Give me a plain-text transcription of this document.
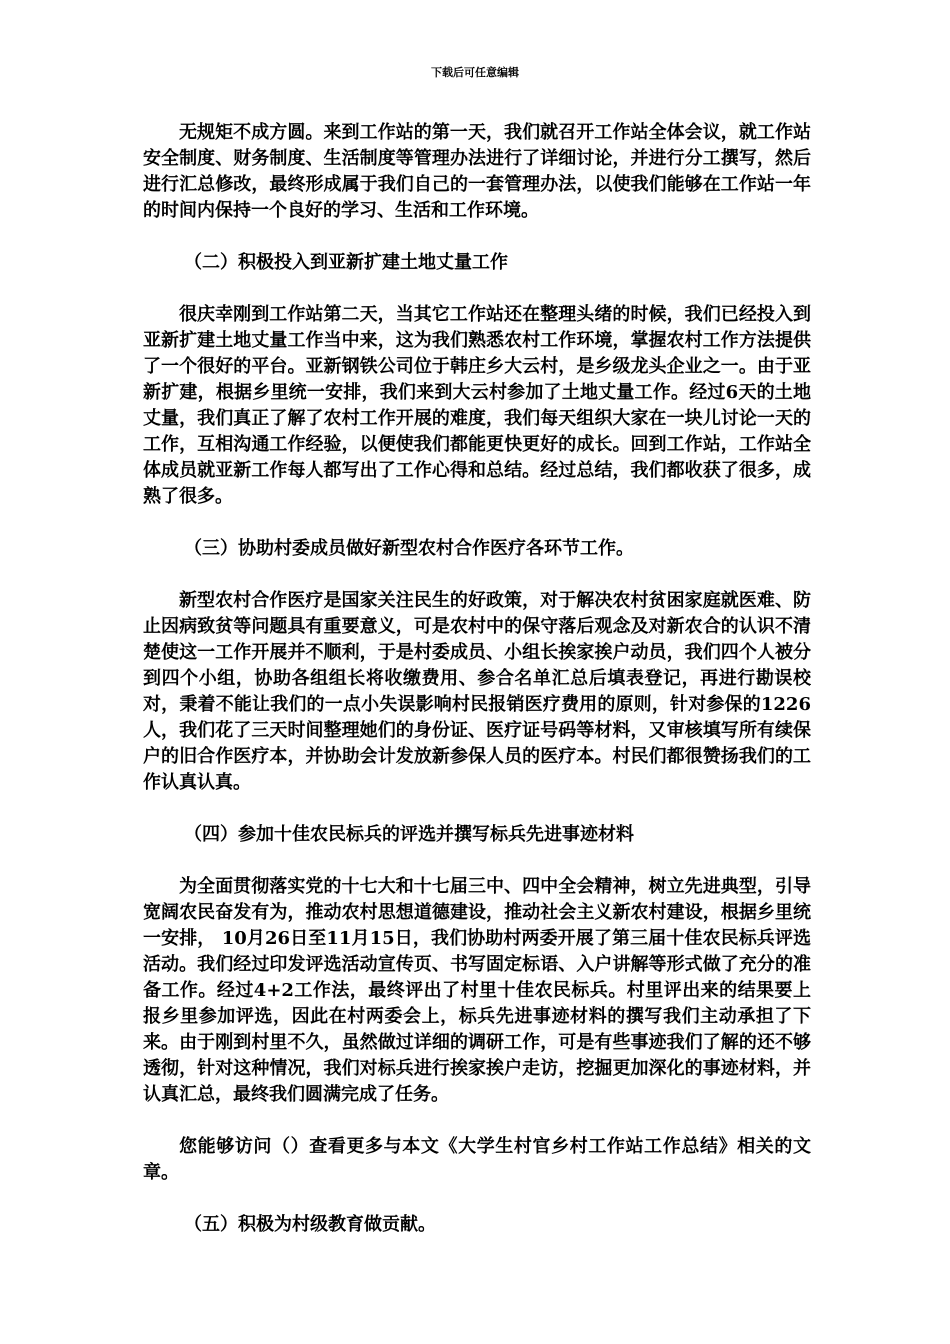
下载后可任意编辑

无规矩不成方圆。来到工作站的第一天，我们就召开工作站全体会议，就工作站安全制度、财务制度、生活制度等管理办法进行了详细讨论，并进行分工撰写，然后进行汇总修改，最终形成属于我们自己的一套管理办法，以使我们能够在工作站一年的时间内保持一个良好的学习、生活和工作环境。

（二）积极投入到亚新扩建土地丈量工作

很庆幸刚到工作站第二天，当其它工作站还在整理头绪的时候，我们已经投入到亚新扩建土地丈量工作当中来，这为我们熟悉农村工作环境，掌握农村工作方法提供了一个很好的平台。亚新钢铁公司位于韩庄乡大云村，是乡级龙头企业之一。由于亚新扩建，根据乡里统一安排，我们来到大云村参加了土地丈量工作。经过6天的土地丈量，我们真正了解了农村工作开展的难度，我们每天组织大家在一块儿讨论一天的工作，互相沟通工作经验，以便使我们都能更快更好的成长。回到工作站，工作站全体成员就亚新工作每人都写出了工作心得和总结。经过总结，我们都收获了很多，成熟了很多。

（三）协助村委成员做好新型农村合作医疗各环节工作。

新型农村合作医疗是国家关注民生的好政策，对于解决农村贫困家庭就医难、防止因病致贫等问题具有重要意义，可是农村中的保守落后观念及对新农合的认识不清楚使这一工作开展并不顺利，于是村委成员、小组长挨家挨户动员，我们四个人被分到四个小组，协助各组组长将收缴费用、参合名单汇总后填表登记，再进行勘误校对，秉着不能让我们的一点小失误影响村民报销医疗费用的原则，针对参保的1226人，我们花了三天时间整理她们的身份证、医疗证号码等材料，又审核填写所有续保户的旧合作医疗本，并协助会计发放新参保人员的医疗本。村民们都很赞扬我们的工作认真认真。

（四）参加十佳农民标兵的评选并撰写标兵先进事迹材料

为全面贯彻落实党的十七大和十七届三中、四中全会精神，树立先进典型，引导宽阔农民奋发有为，推动农村思想道德建设，推动社会主义新农村建设，根据乡里统一安排， 10月26日至11月15日，我们协助村两委开展了第三届十佳农民标兵评选活动。我们经过印发评选活动宣传页、书写固定标语、入户讲解等形式做了充分的准备工作。经过4+2工作法，最终评出了村里十佳农民标兵。村里评出来的结果要上报乡里参加评选，因此在村两委会上，标兵先进事迹材料的撰写我们主动承担了下来。由于刚到村里不久，虽然做过详细的调研工作，可是有些事迹我们了解的还不够透彻，针对这种情况，我们对标兵进行挨家挨户走访，挖掘更加深化的事迹材料，并认真汇总，最终我们圆满完成了任务。

您能够访问（）查看更多与本文《大学生村官乡村工作站工作总结》相关的文章。

（五）积极为村级教育做贡献。
